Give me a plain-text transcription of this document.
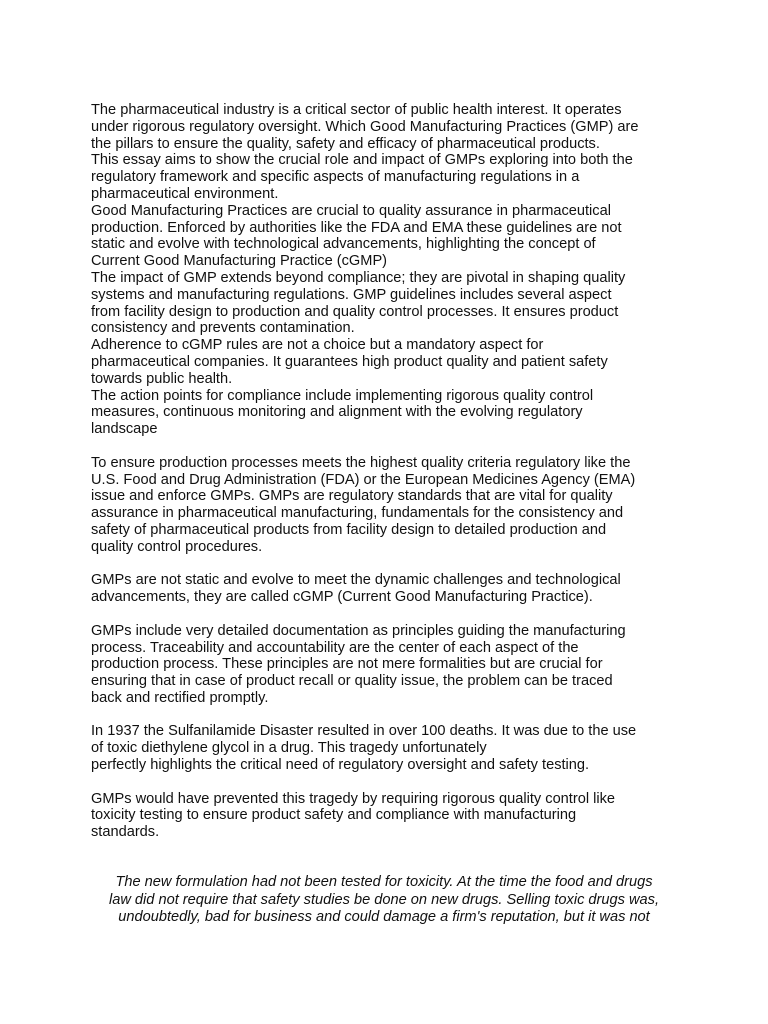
The pharmaceutical industry is a critical sector of public health interest. It operates
under rigorous regulatory oversight. Which Good Manufacturing Practices (GMP) are
the pillars to ensure the quality, safety and efficacy of pharmaceutical products.
This essay aims to show the crucial role and impact of GMPs exploring into both the
regulatory framework and specific aspects of manufacturing regulations in a
pharmaceutical environment.
Good Manufacturing Practices are crucial to quality assurance in pharmaceutical
production. Enforced by authorities like the FDA and EMA these guidelines are not
static and evolve with technological advancements, highlighting the concept of
Current Good Manufacturing Practice (cGMP)
The impact of GMP extends beyond compliance; they are pivotal in shaping quality
systems and manufacturing regulations. GMP guidelines includes several aspect
from facility design to production and quality control processes. It ensures product
consistency and prevents contamination.
Adherence to cGMP rules are not a choice but a mandatory aspect for
pharmaceutical companies. It guarantees high product quality and patient safety
towards public health.
The action points for compliance include implementing rigorous quality control
measures, continuous monitoring and alignment with the evolving regulatory
landscape

To ensure production processes meets the highest quality criteria regulatory like the
U.S. Food and Drug Administration (FDA) or the European Medicines Agency (EMA)
issue and enforce GMPs. GMPs are regulatory standards that are vital for quality
assurance in pharmaceutical manufacturing, fundamentals for the consistency and
safety of pharmaceutical products from facility design to detailed production and
quality control procedures.

GMPs are not static and evolve to meet the dynamic challenges and technological
advancements, they are called cGMP (Current Good Manufacturing Practice).

GMPs include very detailed documentation as principles guiding the manufacturing
process. Traceability and accountability are the center of each aspect of the
production process. These principles are not mere formalities but are crucial for
ensuring that in case of product recall or quality issue, the problem can be traced
back and rectified promptly.

In 1937 the Sulfanilamide Disaster resulted in over 100 deaths. It was due to the use
of toxic diethylene glycol in a drug. This tragedy unfortunately
perfectly highlights the critical need of regulatory oversight and safety testing.

GMPs would have prevented this tragedy by requiring rigorous quality control like
toxicity testing to ensure product safety and compliance with manufacturing
standards.

The new formulation had not been tested for toxicity. At the time the food and drugs
law did not require that safety studies be done on new drugs. Selling toxic drugs was,
undoubtedly, bad for business and could damage a firm's reputation, but it was not
